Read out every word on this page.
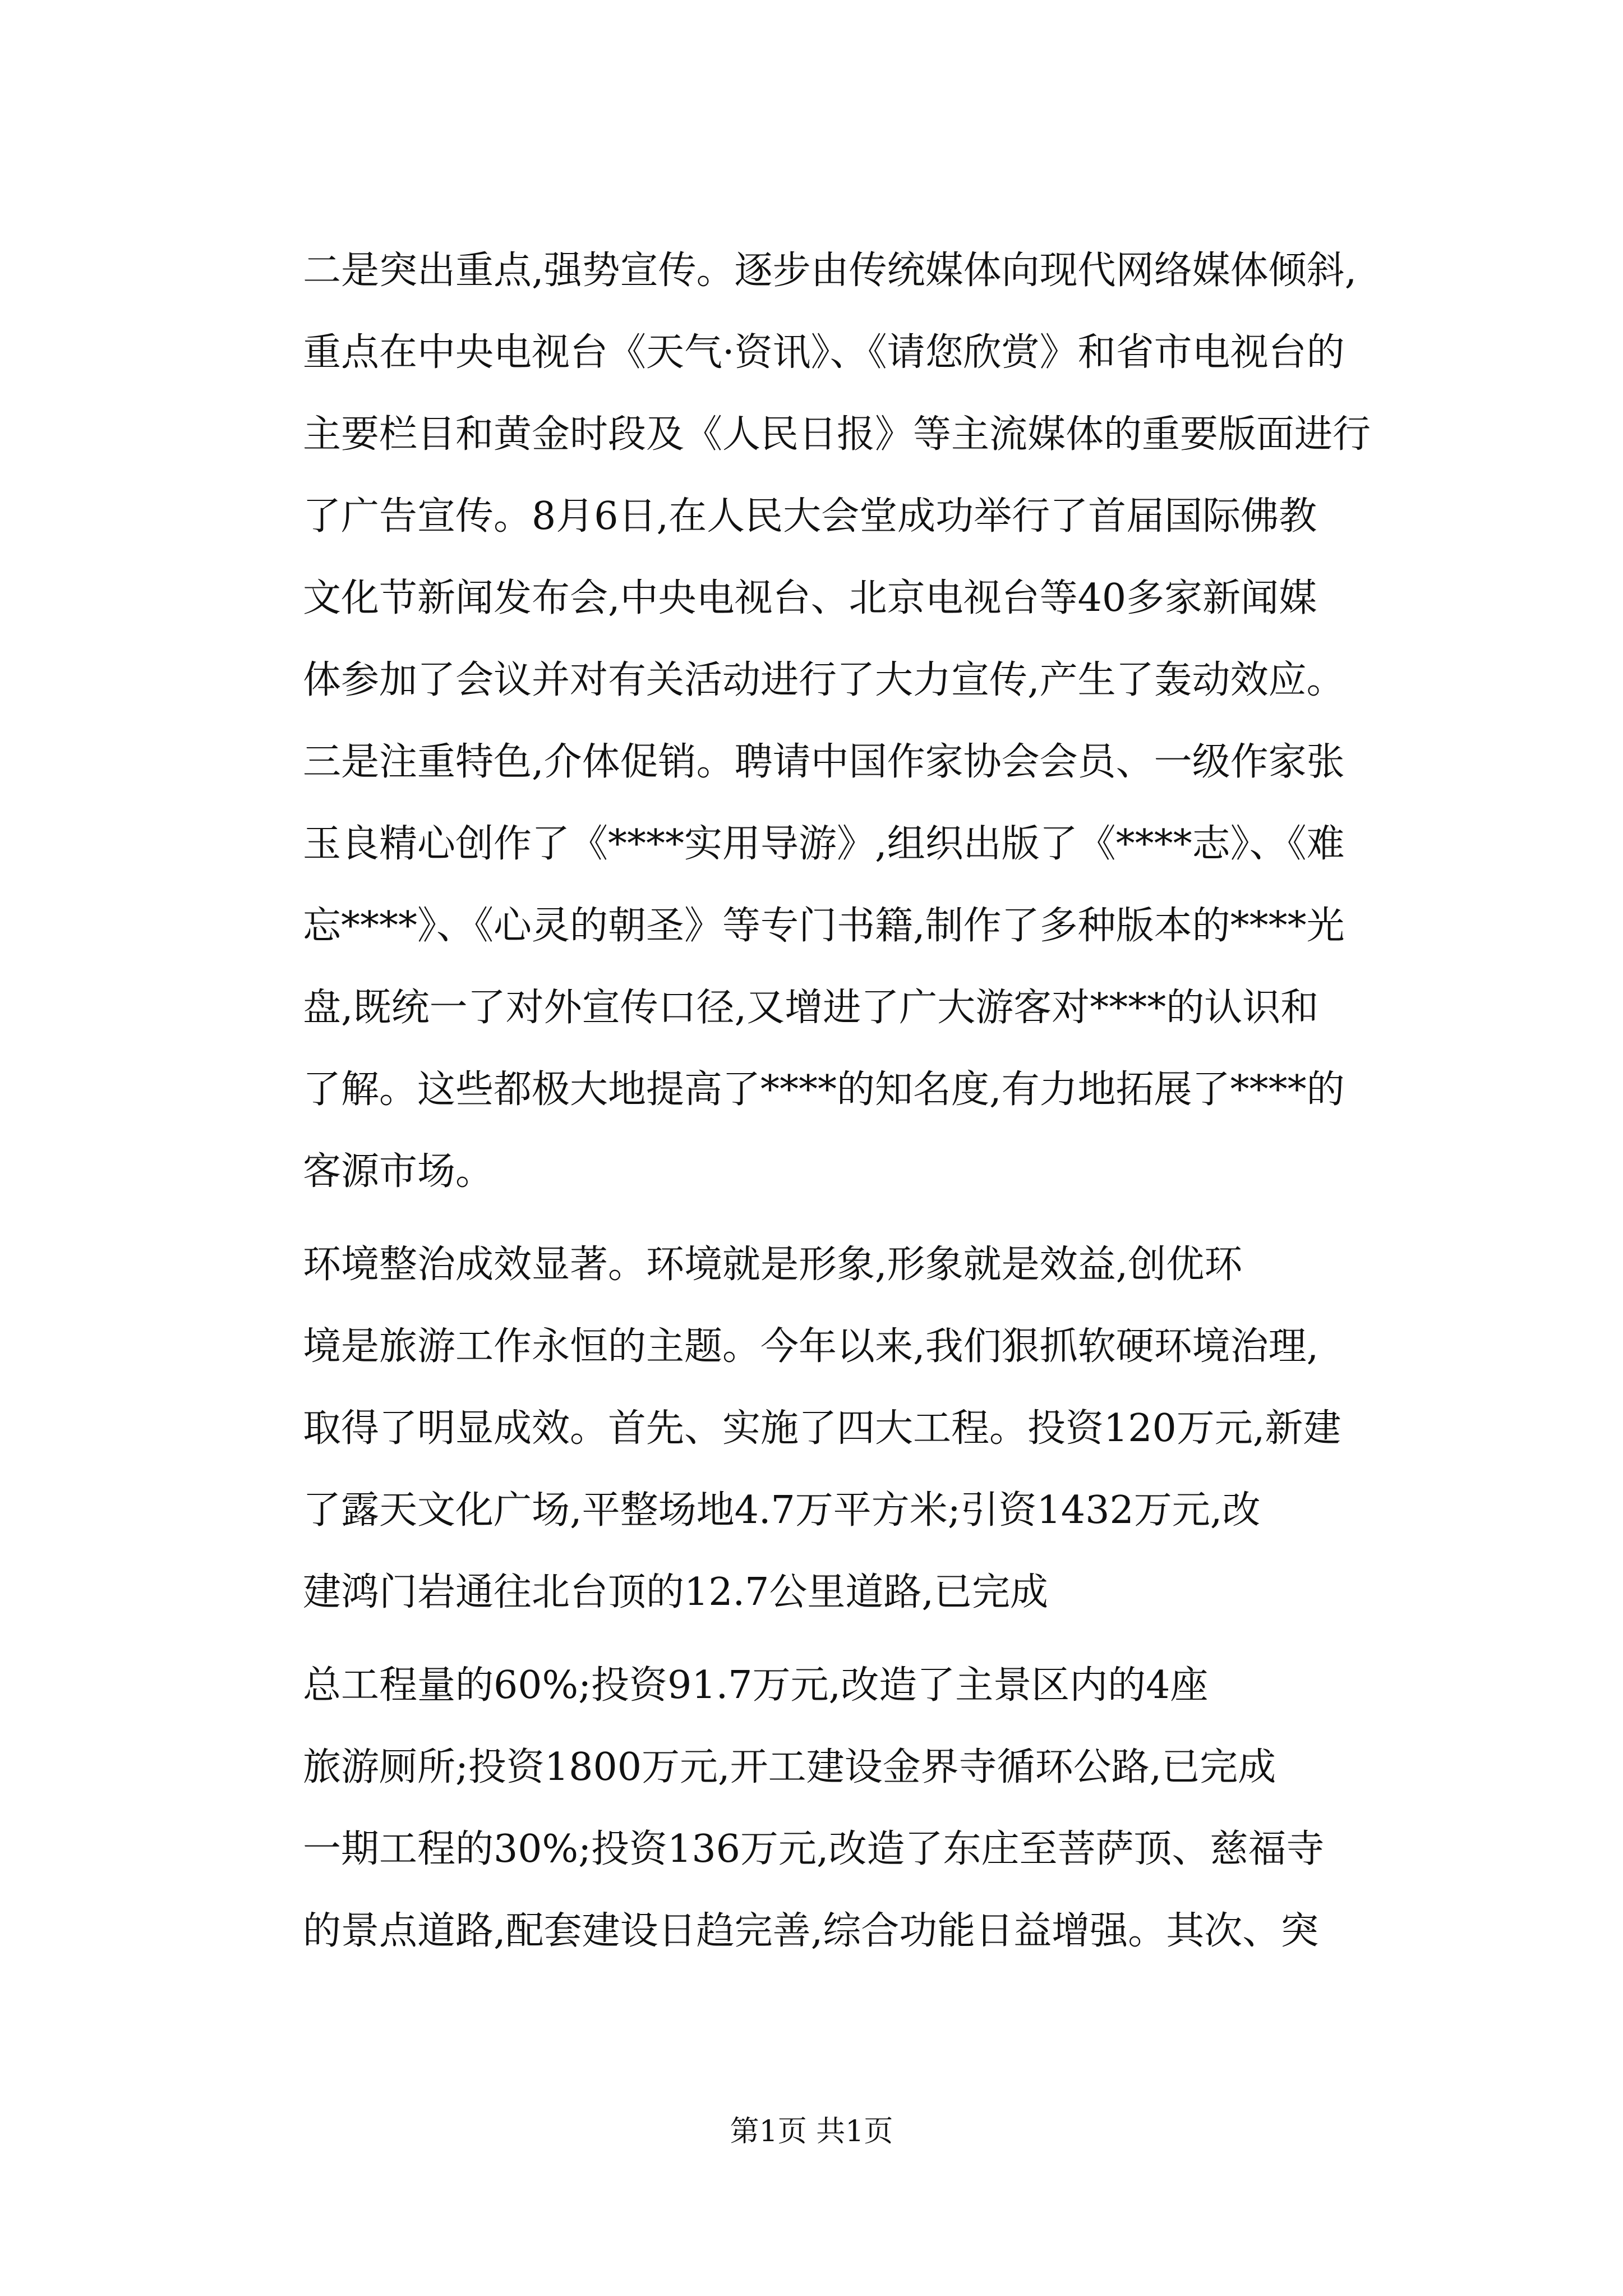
二是突出重点,强势宣传。逐步由传统媒体向现代网络媒体倾斜,
重点在中央电视台《天气·资讯》、《请您欣赏》和省市电视台的
主要栏目和黄金时段及《人民日报》等主流媒体的重要版面进行
了广告宣传。8月6日,在人民大会堂成功举行了首届国际佛教
文化节新闻发布会,中央电视台、北京电视台等40多家新闻媒
体参加了会议并对有关活动进行了大力宣传,产生了轰动效应。
三是注重特色,介体促销。聘请中国作家协会会员、一级作家张
玉良精心创作了《****实用导游》,组织出版了《****志》、《难
忘****》、《心灵的朝圣》等专门书籍,制作了多种版本的****光
盘,既统一了对外宣传口径,又增进了广大游客对****的认识和
了解。这些都极大地提高了****的知名度,有力地拓展了****的
客源市场。
环境整治成效显著。环境就是形象,形象就是效益,创优环
境是旅游工作永恒的主题。今年以来,我们狠抓软硬环境治理,
取得了明显成效。首先、实施了四大工程。投资120万元,新建
了露天文化广场,平整场地4.7万平方米;引资1432万元,改
建鸿门岩通往北台顶的12.7公里道路,已完成
总工程量的60%;投资91.7万元,改造了主景区内的4座
旅游厕所;投资1800万元,开工建设金界寺循环公路,已完成
一期工程的30%;投资136万元,改造了东庄至菩萨顶、慈福寺
的景点道路,配套建设日趋完善,综合功能日益增强。其次、突
第1页 共1页
